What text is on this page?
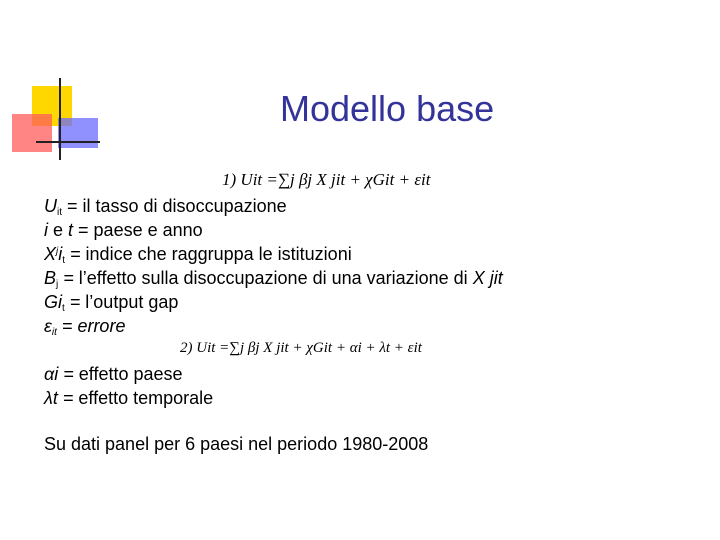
Modello base
1) Uit =∑j βj X jit + χGit + εit
$U_{it}$ = il tasso di disoccupazione
i e t = paese e anno
$X^ji_t$ = indice che raggruppa le istituzioni
$B_j$ = l’effetto sulla disoccupazione di una variazione di X jit
$Gi_t$ = l’output gap
$\varepsilon_{it}$ = errore
2) Uit =∑j βj X jit + χGit + αi + λt + εit
αi = effetto paese
λt = effetto temporale
Su dati panel per 6 paesi nel periodo 1980-2008
